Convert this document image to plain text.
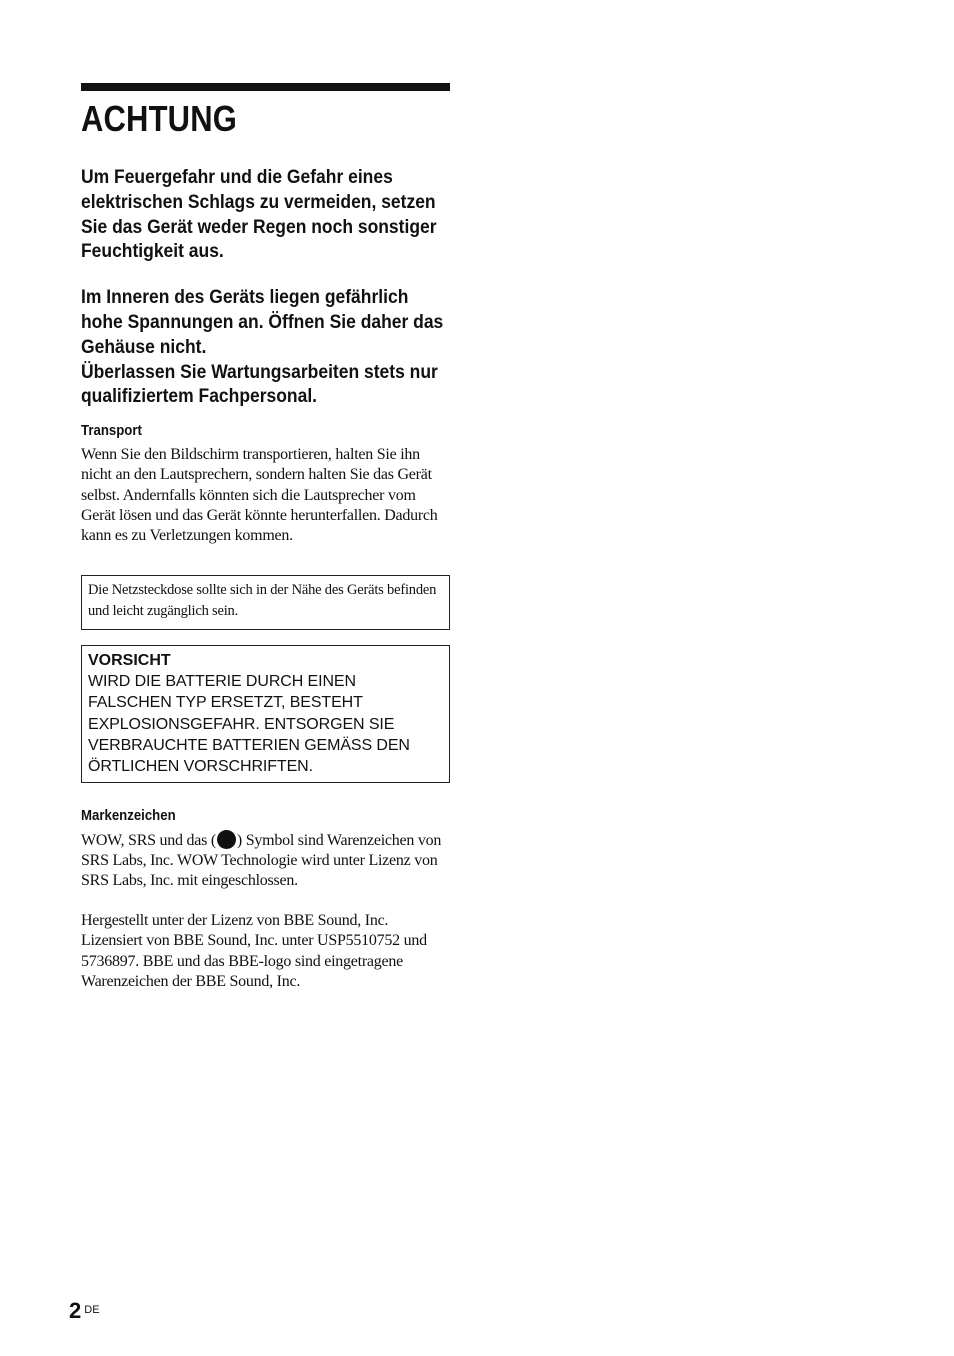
ACHTUNG

Um Feuergefahr und die Gefahr eines elektrischen Schlags zu vermeiden, setzen Sie das Gerät weder Regen noch sonstiger Feuchtigkeit aus.

Im Inneren des Geräts liegen gefährlich hohe Spannungen an. Öffnen Sie daher das Gehäuse nicht.
Überlassen Sie Wartungsarbeiten stets nur qualifiziertem Fachpersonal.
Transport

Wenn Sie den Bildschirm transportieren, halten Sie ihn nicht an den Lautsprechern, sondern halten Sie das Gerät selbst. Andernfalls könnten sich die Lautsprecher vom Gerät lösen und das Gerät könnte herunterfallen. Dadurch kann es zu Verletzungen kommen.

Die Netzsteckdose sollte sich in der Nähe des Geräts befinden und leicht zugänglich sein.

VORSICHT

WIRD DIE BATTERIE DURCH EINEN FALSCHEN TYP ERSETZT, BESTEHT EXPLOSIONSGEFAHR. ENTSORGEN SIE VERBRAUCHTE BATTERIEN GEMÄSS DEN ÖRTLICHEN VORSCHRIFTEN.

Markenzeichen

WOW, SRS und das ( ) Symbol sind Warenzeichen von SRS Labs, Inc. WOW Technologie wird unter Lizenz von SRS Labs, Inc. mit eingeschlossen.

Hergestellt unter der Lizenz von BBE Sound, Inc. Lizensiert von BBE Sound, Inc. unter USP5510752 und 5736897. BBE und das BBE-logo sind eingetragene Warenzeichen der BBE Sound, Inc.

2 $^{DE}$
